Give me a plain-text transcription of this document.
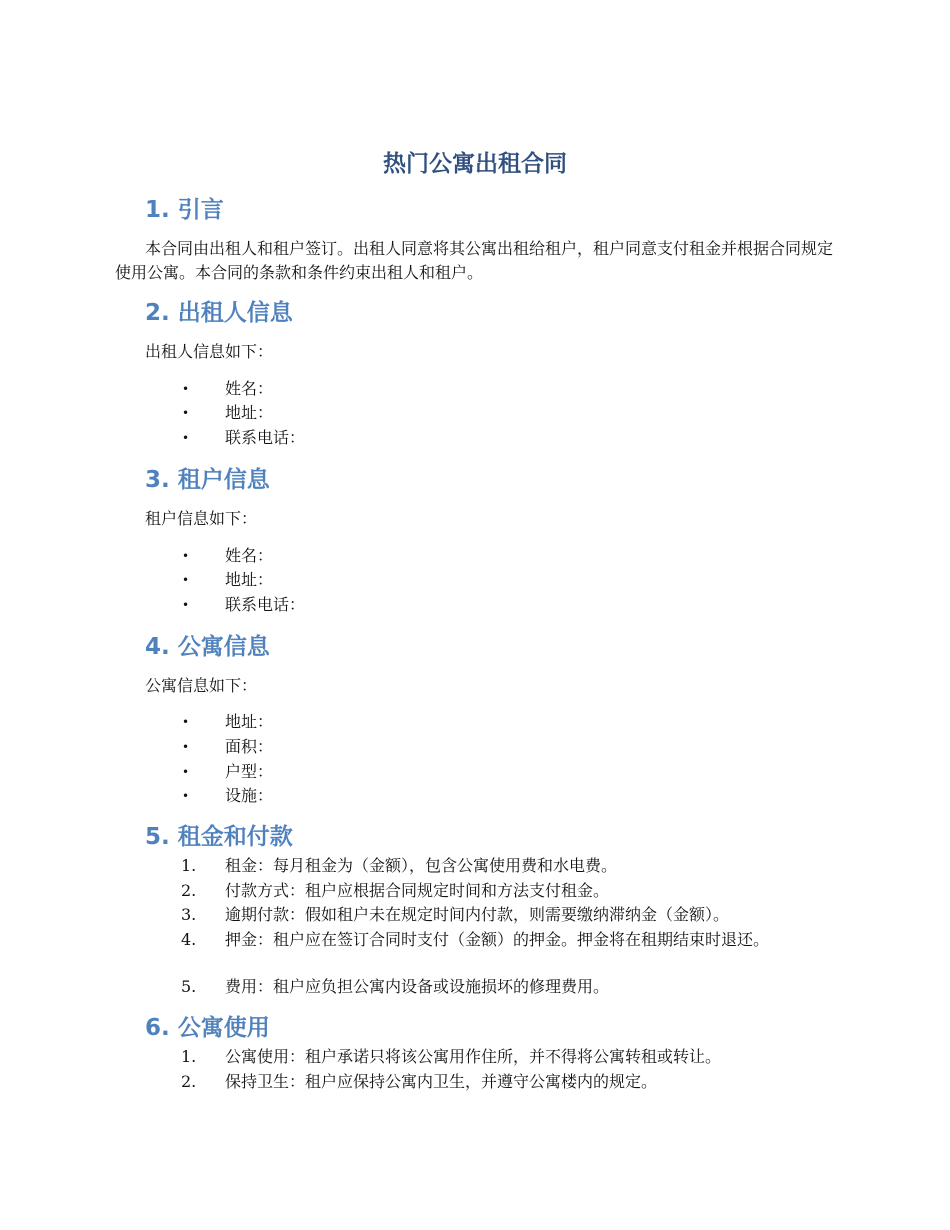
热门公寓出租合同
1. 引言
本合同由出租人和租户签订。出租人同意将其公寓出租给租户，租户同意支付租金并根据合同规定使用公寓。本合同的条款和条件约束出租人和租户。
2. 出租人信息
出租人信息如下：
• 姓名：
• 地址：
• 联系电话：
3. 租户信息
租户信息如下：
• 姓名：
• 地址：
• 联系电话：
4. 公寓信息
公寓信息如下：
• 地址：
• 面积：
• 户型：
• 设施：
5. 租金和付款
1. 租金：每月租金为（金额），包含公寓使用费和水电费。
2. 付款方式：租户应根据合同规定时间和方法支付租金。
3. 逾期付款：假如租户未在规定时间内付款，则需要缴纳滞纳金（金额）。
4.	押金：租户应在签订合同时支付（金额）的押金。押金将在租期结束时退还。
5. 费用：租户应负担公寓内设备或设施损坏的修理费用。
6. 公寓使用
1. 公寓使用：租户承诺只将该公寓用作住所，并不得将公寓转租或转让。
2. 保持卫生：租户应保持公寓内卫生，并遵守公寓楼内的规定。
